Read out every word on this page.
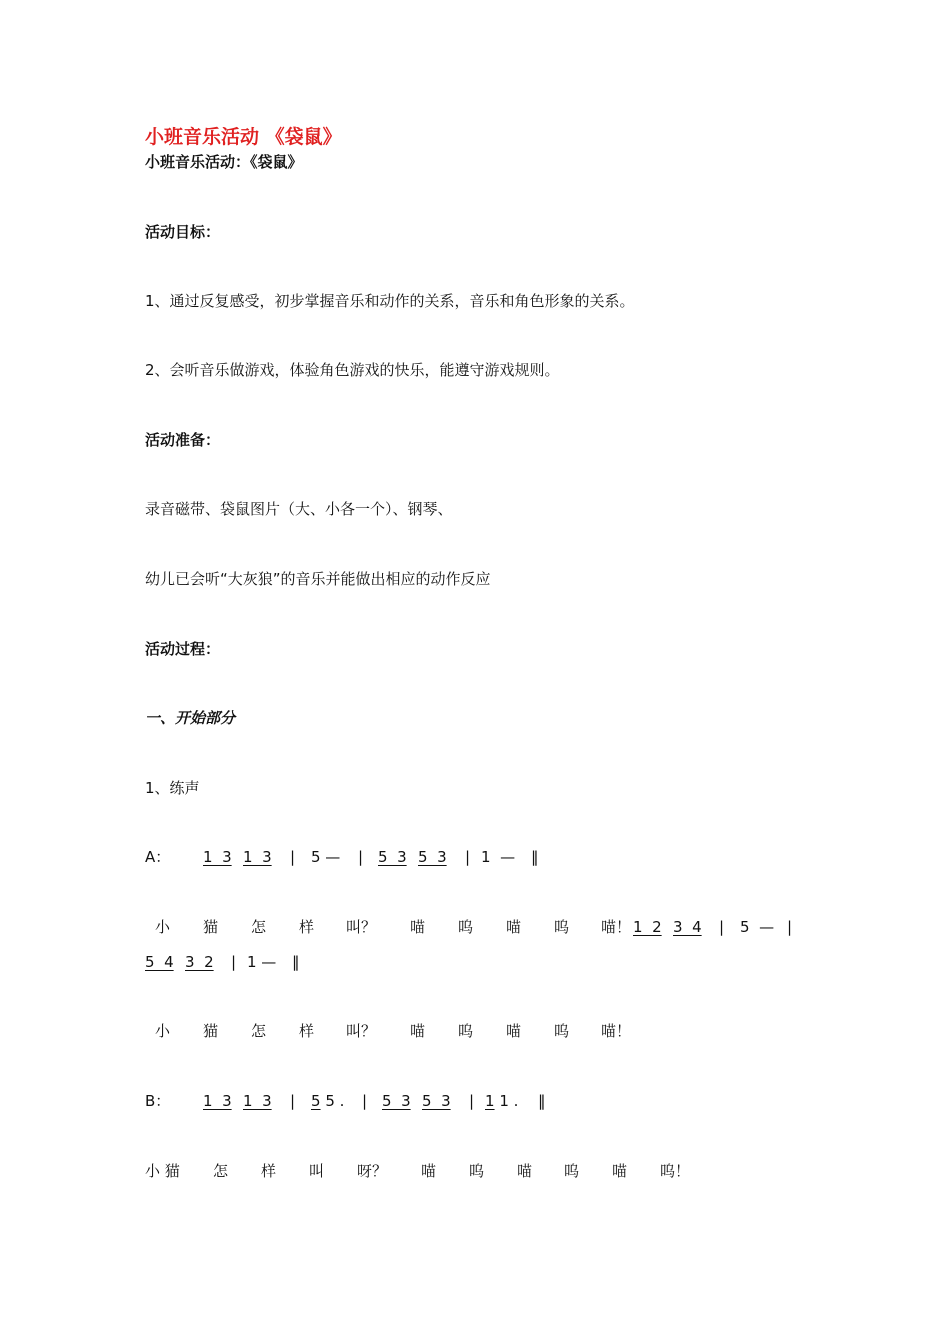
小班音乐活动 《袋鼠》
小班音乐活动：《袋鼠》
活动目标：
1、通过反复感受，初步掌握音乐和动作的关系，音乐和角色形象的关系。
2、会听音乐做游戏，体验角色游戏的快乐，能遵守游戏规则。
活动准备：
录音磁带、袋鼠图片（大、小各一个）、钢琴、
幼儿已会听“大灰狼”的音乐并能做出相应的动作反应
活动过程：
一、开始部分
1、练声
A： 1  3 1  3 | 5 — | 5  3 5  3 | 1  — ‖
小 猫 怎 样 叫？ 喵 呜 喵 呜 喵！ 1  2 3  4 | 5  — |
5  4 3  2 | 1 — ‖
小 猫 怎 样 叫？ 喵 呜 喵 呜 喵！
B： 1  3 1  3 | 5 5 . | 5  3 5  3 | 1 1 . ‖
小 猫 怎 样 叫 呀？ 喵 呜 喵 呜 喵 呜！
